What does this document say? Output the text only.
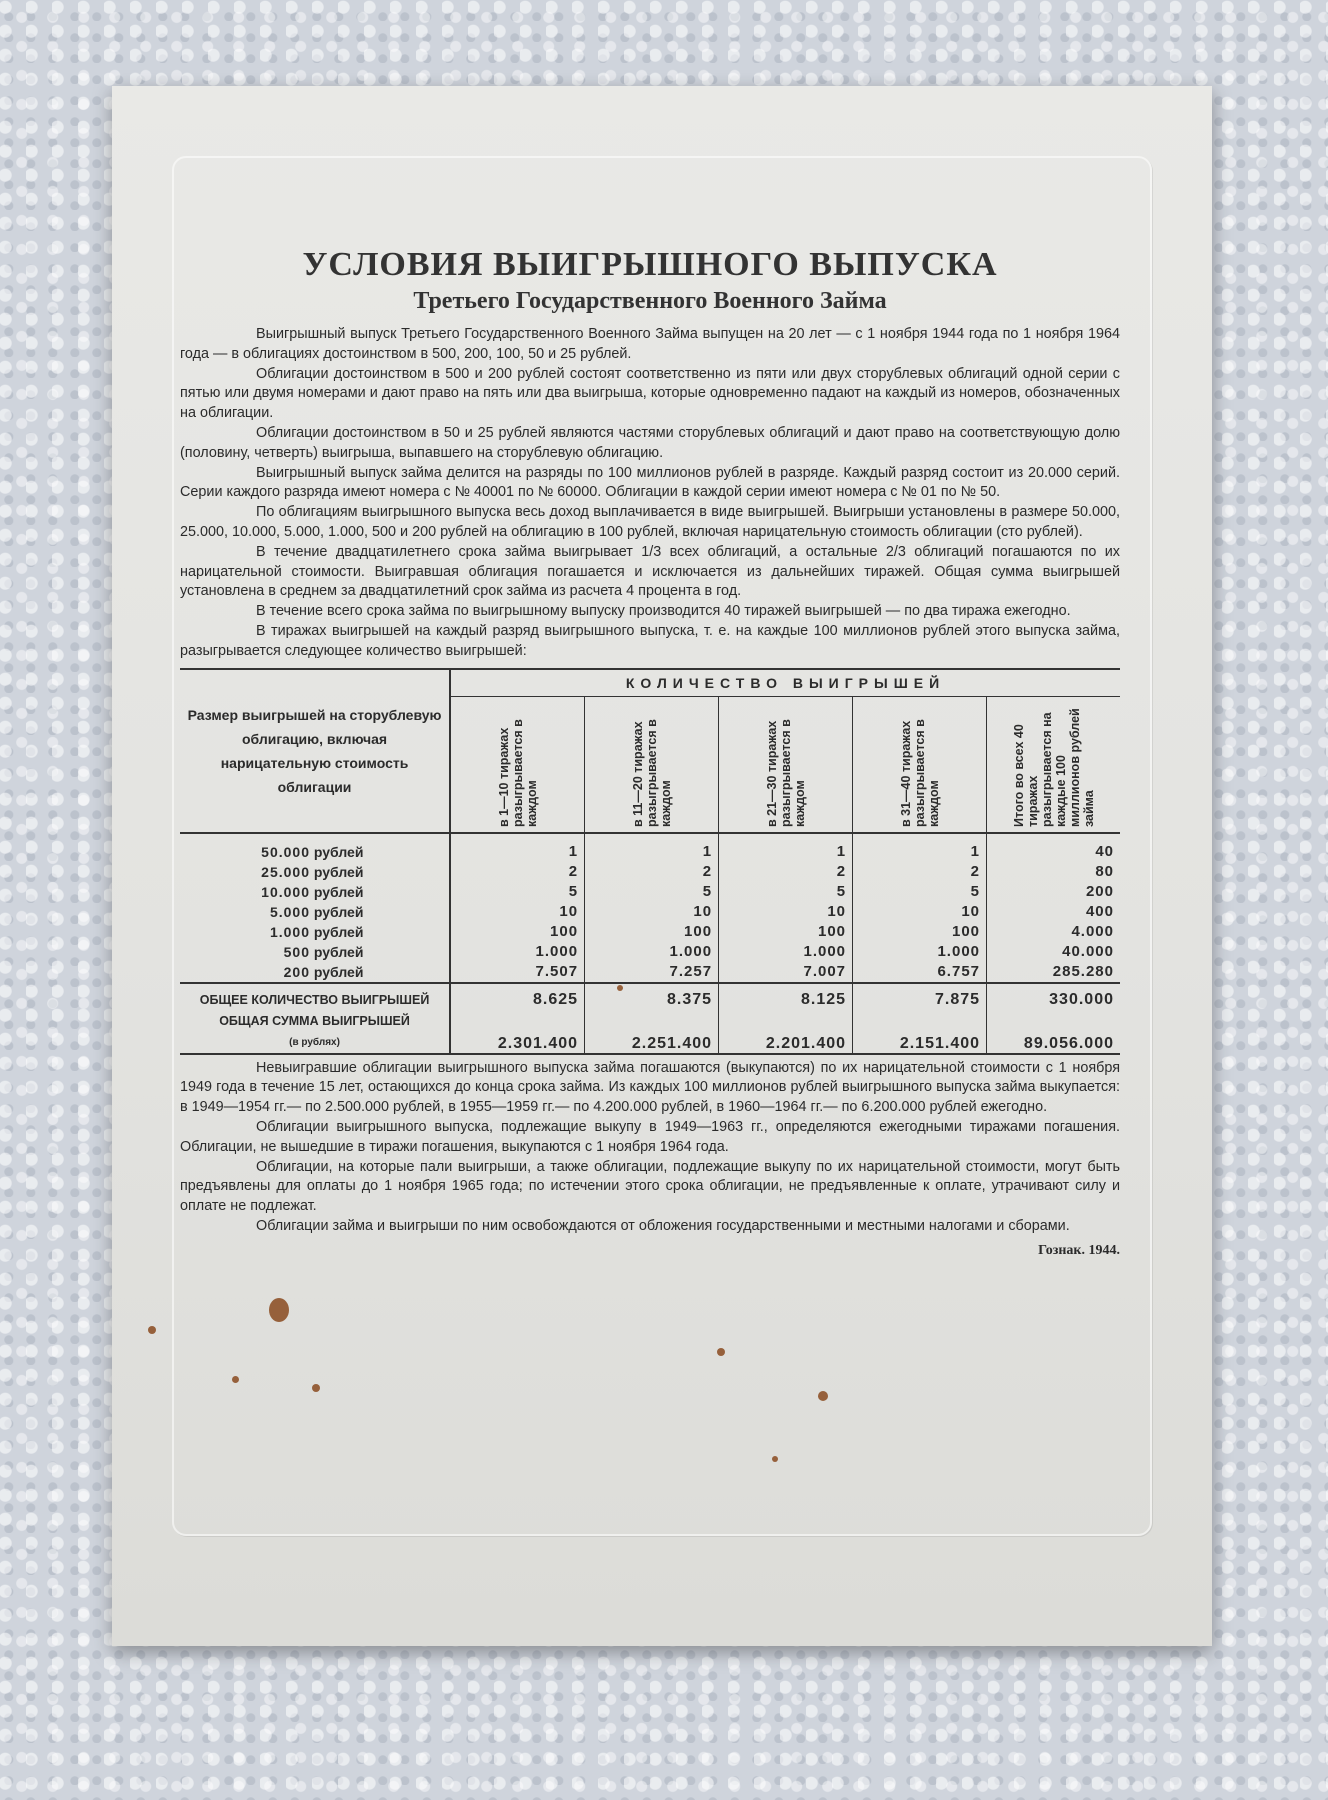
УСЛОВИЯ ВЫИГРЫШНОГО ВЫПУСКА
Третьего Государственного Военного Займа

Выигрышный выпуск Третьего Государственного Военного Займа выпущен на 20 лет — с 1 ноября 1944 года по 1 ноября 1964 года — в облигациях достоинством в 500, 200, 100, 50 и 25 рублей.

Облигации достоинством в 500 и 200 рублей состоят соответственно из пяти или двух сторублевых облигаций одной серии с пятью или двумя номерами и дают право на пять или два выигрыша, которые одновременно падают на каждый из номеров, обозначенных на облигации.

Облигации достоинством в 50 и 25 рублей являются частями сторублевых облигаций и дают право на соответствующую долю (половину, четверть) выигрыша, выпавшего на сторублевую облигацию.

Выигрышный выпуск займа делится на разряды по 100 миллионов рублей в разряде. Каждый разряд состоит из 20.000 серий. Серии каждого разряда имеют номера с № 40001 по № 60000. Облигации в каждой серии имеют номера с № 01 по № 50.

По облигациям выигрышного выпуска весь доход выплачивается в виде выигрышей. Выигрыши установлены в размере 50.000, 25.000, 10.000, 5.000, 1.000, 500 и 200 рублей на облигацию в 100 рублей, включая нарицательную стоимость облигации (сто рублей).

В течение двадцатилетнего срока займа выигрывает 1/3 всех облигаций, а остальные 2/3 облигаций погашаются по их нарицательной стоимости. Выигравшая облигация погашается и исключается из дальнейших тиражей. Общая сумма выигрышей установлена в среднем за двадцатилетний срок займа из расчета 4 процента в год.

В течение всего срока займа по выигрышному выпуску производится 40 тиражей выигрышей — по два тиража ежегодно.

В тиражах выигрышей на каждый разряд выигрышного выпуска, т. е. на каждые 100 миллионов рублей этого выпуска займа, разыгрывается следующее количество выигрышей:

Размер выигрышей на сторублевую облигацию, включая нарицательную стоимость облигации	КОЛИЧЕСТВО ВЫИГРЫШЕЙ				

	в 1—10 тиражах разыгрывается в каждом	в 11—20 тиражах разыгрывается в каждом	в 21—30 тиражах разыгрывается в каждом	в 31—40 тиражах разыгрывается в каждом	Итого во всех 40 тиражах разыгрывается на каждые 100 миллионов рублей займа

50.000 рублей	1	1	1	1	40
25.000 рублей	2	2	2	2	80
10.000 рублей	5	5	5	5	200
5.000 рублей	10	10	10	10	400
1.000 рублей	100	100	100	100	4.000
500 рублей	1.000	1.000	1.000	1.000	40.000
200 рублей	7.507	7.257	7.007	6.757	285.280

ОБЩЕЕ КОЛИЧЕСТВО ВЫИГРЫШЕЙ	8.625	8.375	8.125	7.875	330.000

ОБЩАЯ СУММА ВЫИГРЫШЕЙ
(в рублях)	2.301.400	2.251.400	2.201.400	2.151.400	89.056.000

Невыигравшие облигации выигрышного выпуска займа погашаются (выкупаются) по их нарицательной стоимости с 1 ноября 1949 года в течение 15 лет, остающихся до конца срока займа. Из каждых 100 миллионов рублей выигрышного выпуска займа выкупается: в 1949—1954 гг.— по 2.500.000 рублей, в 1955—1959 гг.— по 4.200.000 рублей, в 1960—1964 гг.— по 6.200.000 рублей ежегодно.

Облигации выигрышного выпуска, подлежащие выкупу в 1949—1963 гг., определяются ежегодными тиражами погашения. Облигации, не вышедшие в тиражи погашения, выкупаются с 1 ноября 1964 года.

Облигации, на которые пали выигрыши, а также облигации, подлежащие выкупу по их нарицательной стоимости, могут быть предъявлены для оплаты до 1 ноября 1965 года; по истечении этого срока облигации, не предъявленные к оплате, утрачивают силу и оплате не подлежат.

Облигации займа и выигрыши по ним освобождаются от обложения государственными и местными налогами и сборами.

Гознак. 1944.
